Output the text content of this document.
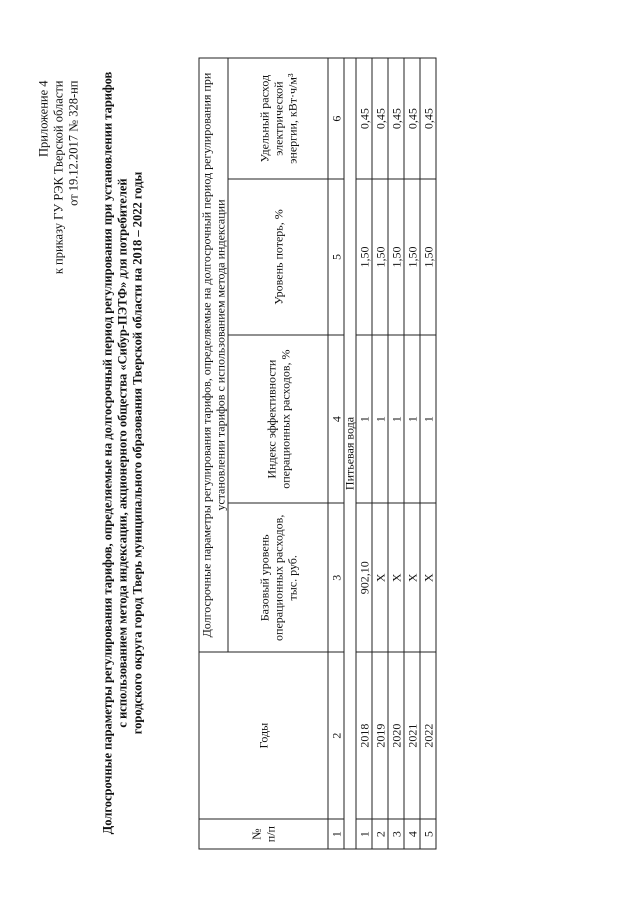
Приложение 4 к приказу ГУ РЭК Тверской области от 19.12.2017 № 328-нп Долгосрочные параметры регулирования тарифов, определяемые на долгосрочный период регулирования при установлении тарифов с использованием метода индексации, акционерного общества «Сибур-ПЭТФ» для потребителей городского округа город Тверь муниципального образования Тверской области на 2018 – 2022 годы
№
п/п	Годы	Долгосрочные параметры регулирования тарифов, определяемые на долгосрочный период регулирования при установлении тарифов с использованием метода индексации			
		Базовый уровень операционных расходов, тыс. руб.	Индекс эффективности операционных расходов, %	Уровень потерь, %	Удельный расход электрической энергии, кВт·ч/м³
1	2	3	4	5	6
Питьевая вода					
1	2018	902,10	1	1,50	0,45
2	2019	X	1	1,50	0,45
3	2020	X	1	1,50	0,45
4	2021	X	1	1,50	0,45
5	2022	X	1	1,50	0,45
